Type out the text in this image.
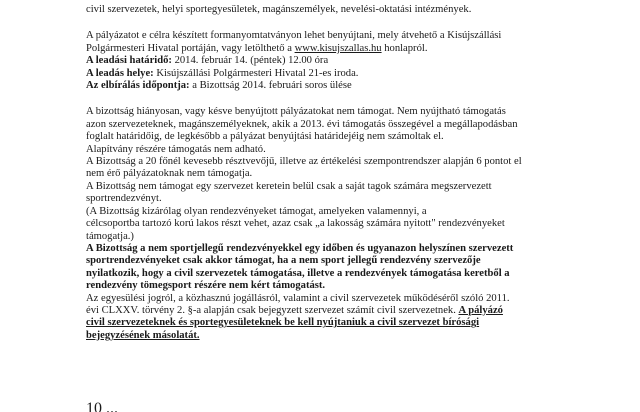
civil szervezetek, helyi sportegyesületek, magánszemélyek, nevelési-oktatási intézmények.

A pályázatot e célra készített formanyomtatványon lehet benyújtani, mely átvehető a Kisújszállási

Polgármesteri Hivatal portáján, vagy letölthető a www.kisujszallas.hu honlapról.

A leadási határidő: 2014. február 14. (péntek) 12.00 óra

A leadás helye: Kisújszállási Polgármesteri Hivatal 21-es iroda.

Az elbírálás időpontja: a Bizottság 2014. februári soros ülése

A bizottság hiányosan, vagy késve benyújtott pályázatokat nem támogat. Nem nyújtható támogatás

azon szervezeteknek, magánszemélyeknek, akik a 2013. évi támogatás összegével a megállapodásban

foglalt határidőig, de legkésőbb a pályázat benyújtási határidejéig nem számoltak el.

Alapítvány részére támogatás nem adható.

A Bizottság a 20 főnél kevesebb résztvevőjű, illetve az értékelési szempontrendszer alapján 6 pontot el

nem érő pályázatoknak nem támogatja.

A Bizottság nem támogat egy szervezet keretein belül csak a saját tagok számára megszervezett

sportrendezvényt.

(A Bizottság kizárólag olyan rendezvényeket támogat, amelyeken valamennyi, a

célcsoportba tartozó korú lakos részt vehet, azaz csak „a lakosság számára nyitott" rendezvényeket

támogatja.)

A Bizottság a nem sportjellegű rendezvényekkel egy időben és ugyanazon helyszínen szervezett

sportrendezvényeket csak akkor támogat, ha a nem sport jellegű rendezvény szervezője

nyilatkozik, hogy a civil szervezetek támogatása, illetve a rendezvények támogatása keretből a

rendezvény tömegsport részére nem kért támogatást.

Az egyesülési jogról, a közhasznú jogállásról, valamint a civil szervezetek működéséről szóló 2011.

évi CLXXV. törvény 2. §-a alapján csak bejegyzett szervezet számít civil szervezetnek. A pályázó

civil szervezeteknek és sportegyesületeknek be kell nyújtaniuk a civil szervezet bírósági

bejegyzésének másolatát.

10 ...
